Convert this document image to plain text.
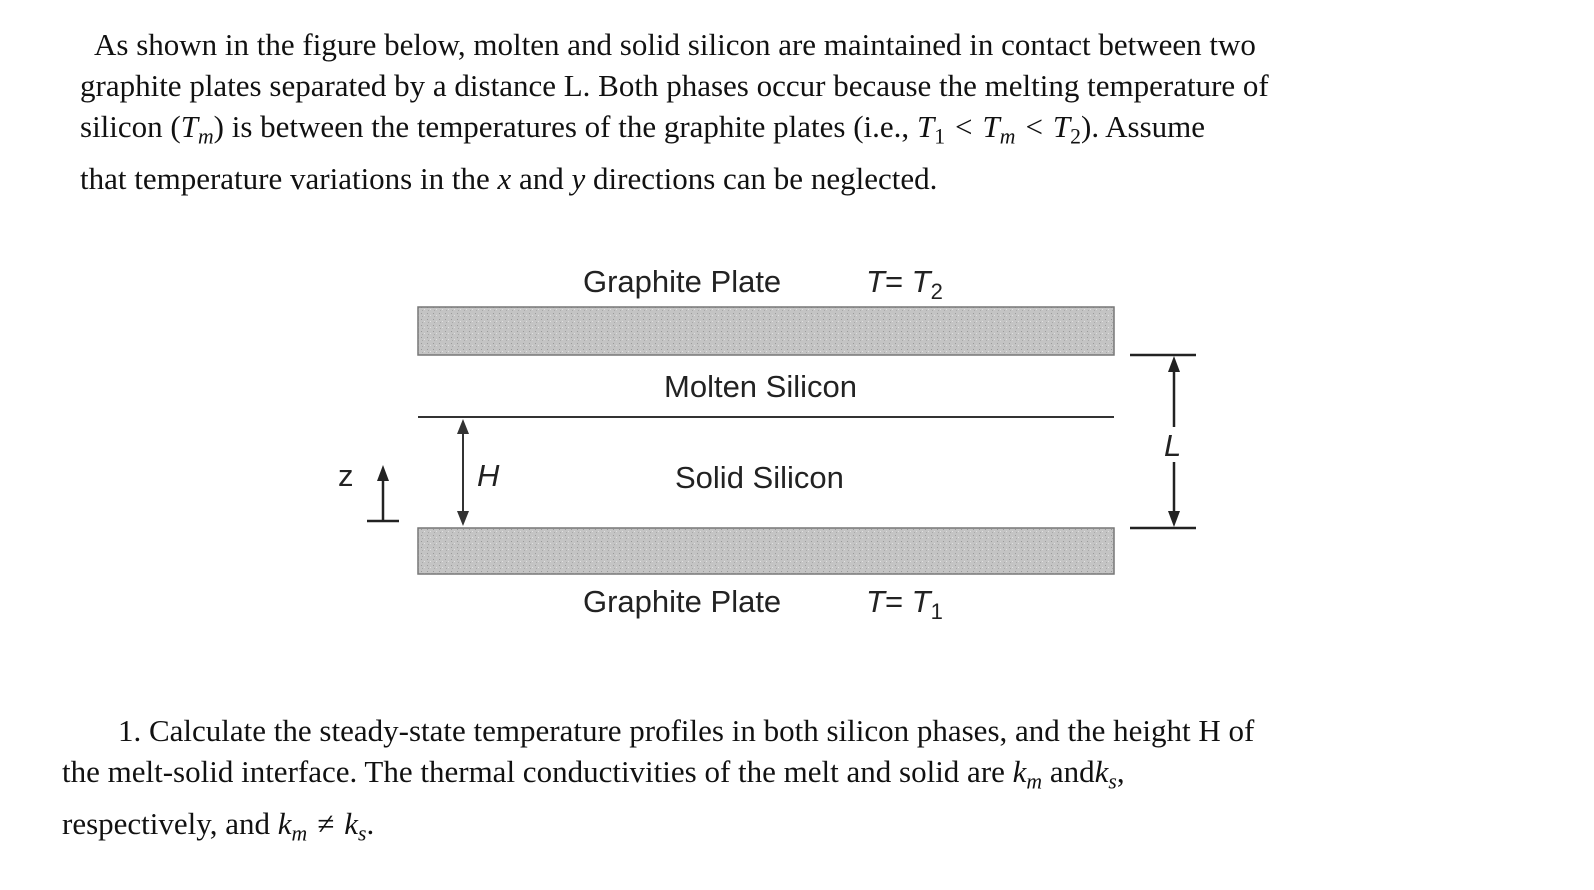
As shown in the figure below, molten and solid silicon are maintained in contact between two
graphite plates separated by a distance L. Both phases occur because the melting temperature of
silicon $(T_m)$ is between the temperatures of the graphite plates (i.e., $T_1 < T_m < T_2$). Assume
that temperature variations in the x and y directions can be neglected.
Graphite Plate	$T= T_2$
Molten Silicon
Solid Silicon
Graphite Plate	$T= T_1$
z	H
L
1. Calculate the steady-state temperature profiles in both silicon phases, and the height H of
the melt-solid interface. The thermal conductivities of the melt and solid are $k_m$ andk$_s$,
respectively, and $k_m \ne k_s$.
